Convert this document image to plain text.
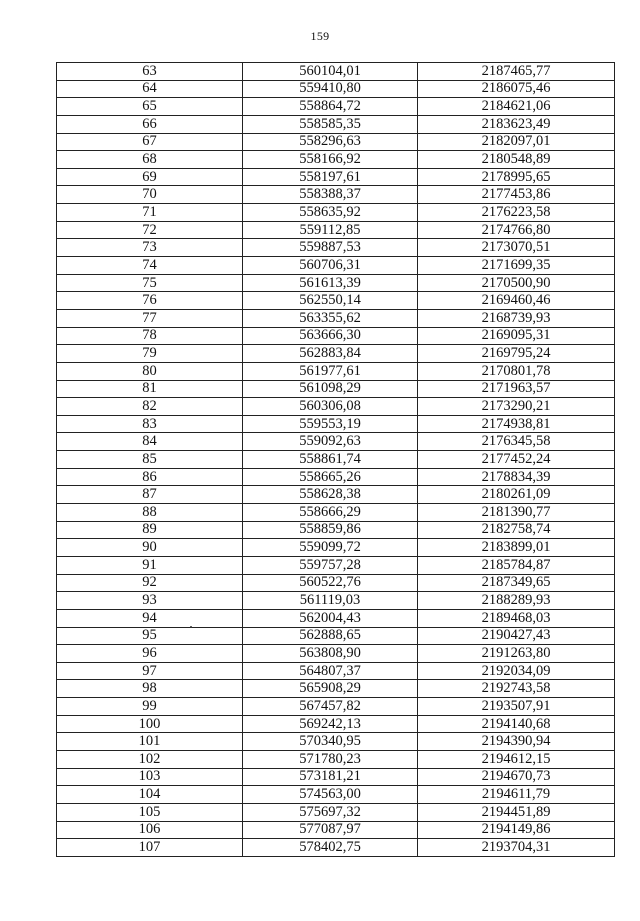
159
63	560104,01	2187465,77
64	559410,80	2186075,46
65	558864,72	2184621,06
66	558585,35	2183623,49
67	558296,63	2182097,01
68	558166,92	2180548,89
69	558197,61	2178995,65
70	558388,37	2177453,86
71	558635,92	2176223,58
72	559112,85	2174766,80
73	559887,53	2173070,51
74	560706,31	2171699,35
75	561613,39	2170500,90
76	562550,14	2169460,46
77	563355,62	2168739,93
78	563666,30	2169095,31
79	562883,84	2169795,24
80	561977,61	2170801,78
81	561098,29	2171963,57
82	560306,08	2173290,21
83	559553,19	2174938,81
84	559092,63	2176345,58
85	558861,74	2177452,24
86	558665,26	2178834,39
87	558628,38	2180261,09
88	558666,29	2181390,77
89	558859,86	2182758,74
90	559099,72	2183899,01
91	559757,28	2185784,87
92	560522,76	2187349,65
93	561119,03	2188289,93
94	562004,43	2189468,03
95	562888,65	2190427,43
96	563808,90	2191263,80
97	564807,37	2192034,09
98	565908,29	2192743,58
99	567457,82	2193507,91
100	569242,13	2194140,68
101	570340,95	2194390,94
102	571780,23	2194612,15
103	573181,21	2194670,73
104	574563,00	2194611,79
105	575697,32	2194451,89
106	577087,97	2194149,86
107	578402,75	2193704,31
